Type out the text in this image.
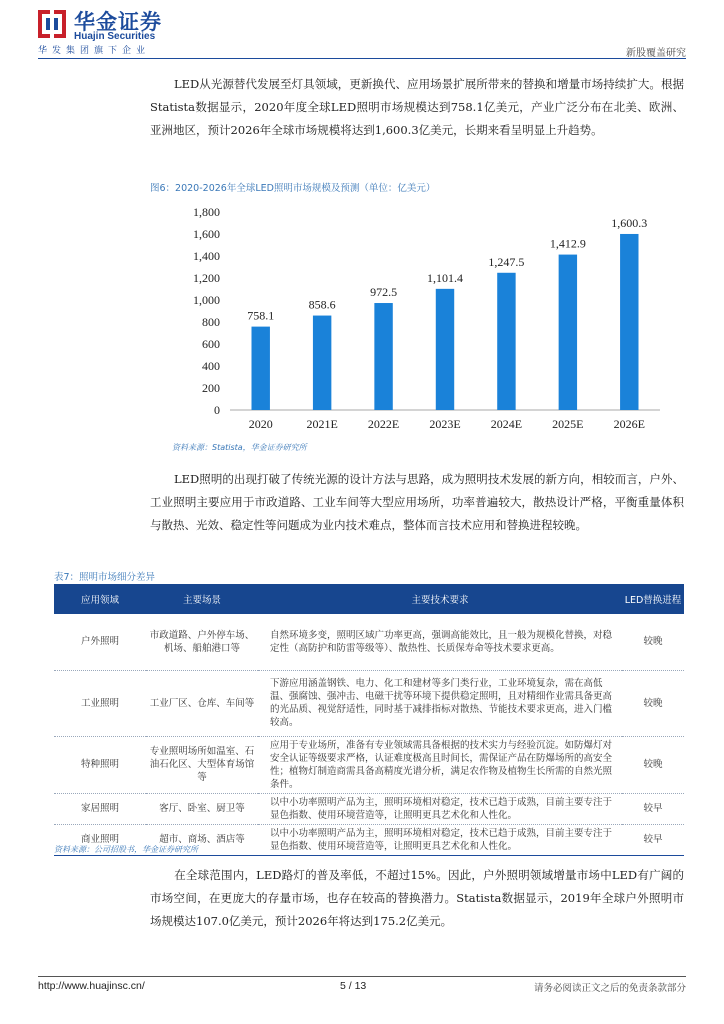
华金证券
Huajin Securities
华发集团旗下企业	新股覆盖研究

LED从光源替代发展至灯具领域，更新换代、应用场景扩展所带来的替换和增量市场持续扩大。根据Statista数据显示，2020年度全球LED照明市场规模达到758.1亿美元，产业广泛分布在北美、欧洲、亚洲地区，预计2026年全球市场规模将达到1,600.3亿美元，长期来看呈明显上升趋势。

图6：2020-2026年全球LED照明市场规模及预测（单位：亿美元）
0
200
400
600
800
1,000
1,200
1,400
1,600
1,800
758.1
2020
858.6
2021E
972.5
2022E
1,101.4
2023E
1,247.5
2024E
1,412.9
2025E
1,600.3
2026E
资料来源：Statista，华金证券研究所

LED照明的出现打破了传统光源的设计方法与思路，成为照明技术发展的新方向，相较而言，户外、工业照明主要应用于市政道路、工业车间等大型应用场所，功率普遍较大，散热设计严格，平衡重量体积与散热、光效、稳定性等问题成为业内技术难点，整体而言技术应用和替换进程较晚。

表7：照明市场细分差异
应用领域	主要场景	主要技术要求	LED替换进程
户外照明	市政道路、户外停车场、机场、船舶港口等	自然环境多变，照明区域广功率更高，强调高能效比，且一般为规模化替换，对稳定性（高防护和防雷等级等）、散热性、长质保寿命等技术要求更高。	较晚
工业照明	工业厂区、仓库、车间等	下游应用涵盖钢铁、电力、化工和建材等多门类行业，工业环境复杂，需在高低温、强腐蚀、强冲击、电磁干扰等环境下提供稳定照明，且对精细作业需具备更高的光品质、视觉舒适性，同时基于减排指标对散热、节能技术要求更高，进入门槛较高。	较晚
特种照明	专业照明场所如温室、石油石化区、大型体育场馆等	应用于专业场所，准备有专业领域需具备根据的技术实力与经验沉淀。如防爆灯对安全认证等级要求严格，认证难度极高且时间长，需保证产品在防爆场所的高安全性；植物灯制造商需具备高精度光谱分析，满足农作物及植物生长所需的自然光照条件。	较晚
家居照明	客厅、卧室、厨卫等	以中小功率照明产品为主，照明环境相对稳定，技术已趋于成熟，目前主要专注于显色指数、使用环境营造等，让照明更具艺术化和人性化。	较早
商业照明	超市、商场、酒店等	以中小功率照明产品为主，照明环境相对稳定，技术已趋于成熟，目前主要专注于显色指数、使用环境营造等，让照明更具艺术化和人性化。	较早
资料来源：公司招股书，华金证券研究所

在全球范围内，LED路灯的普及率低，不超过15%。因此，户外照明领域增量市场中LED有广阔的市场空间，在更庞大的存量市场，也存在较高的替换潜力。Statista数据显示，2019年全球户外照明市场规模达107.0亿美元，预计2026年将达到175.2亿美元。

http://www.huajinsc.cn/	5 / 13	请务必阅读正文之后的免责条款部分
